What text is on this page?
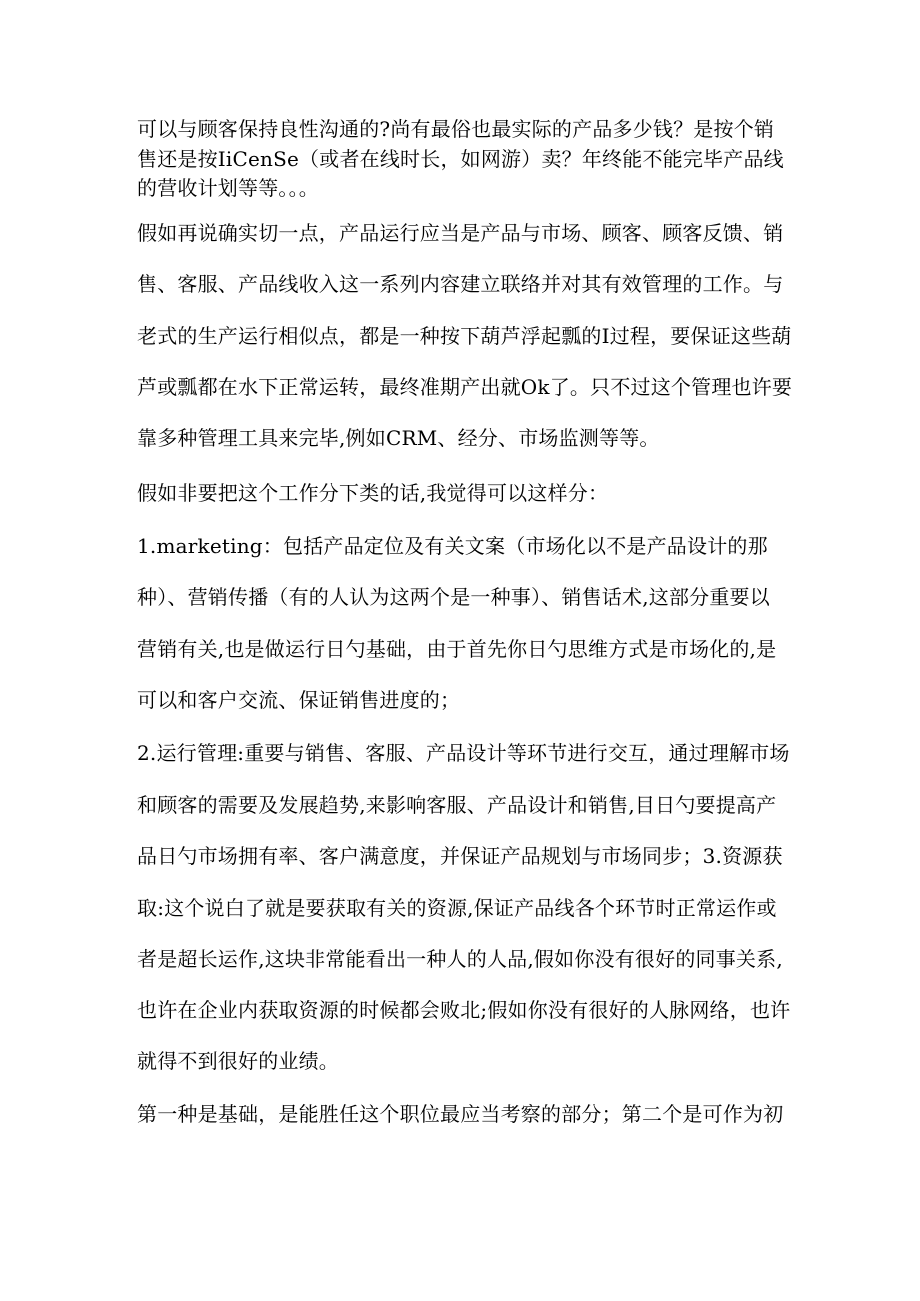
可以与顾客保持良性沟通的?尚有最俗也最实际的产品多少钱？是按个销
售还是按IiCenSe（或者在线时长，如网游）卖？年终能不能完毕产品线
的营收计划等等。。。
假如再说确实切一点，产品运行应当是产品与市场、顾客、顾客反馈、销
售、客服、产品线收入这一系列内容建立联络并对其有效管理的工作。与
老式的生产运行相似点，都是一种按下葫芦浮起瓢的I过程，要保证这些葫
芦或瓢都在水下正常运转，最终准期产出就Ok了。只不过这个管理也许要
靠多种管理工具来完毕,例如CRM、经分、市场监测等等。
假如非要把这个工作分下类的话,我觉得可以这样分：
1.marketing：包括产品定位及有关文案（市场化以不是产品设计的那
种）、营销传播（有的人认为这两个是一种事）、销售话术,这部分重要以
营销有关,也是做运行日勺基础，由于首先你日勺思维方式是市场化的,是
可以和客户交流、保证销售进度的；
2.运行管理:重要与销售、客服、产品设计等环节进行交互，通过理解市场
和顾客的需要及发展趋势,来影响客服、产品设计和销售,目日勺要提高产
品日勺市场拥有率、客户满意度，并保证产品规划与市场同步；3.资源获
取:这个说白了就是要获取有关的资源,保证产品线各个环节时正常运作或
者是超长运作,这块非常能看出一种人的人品,假如你没有很好的同事关系,
也许在企业内获取资源的时候都会败北;假如你没有很好的人脉网络，也许
就得不到很好的业绩。
第一种是基础，是能胜任这个职位最应当考察的部分；第二个是可作为初
